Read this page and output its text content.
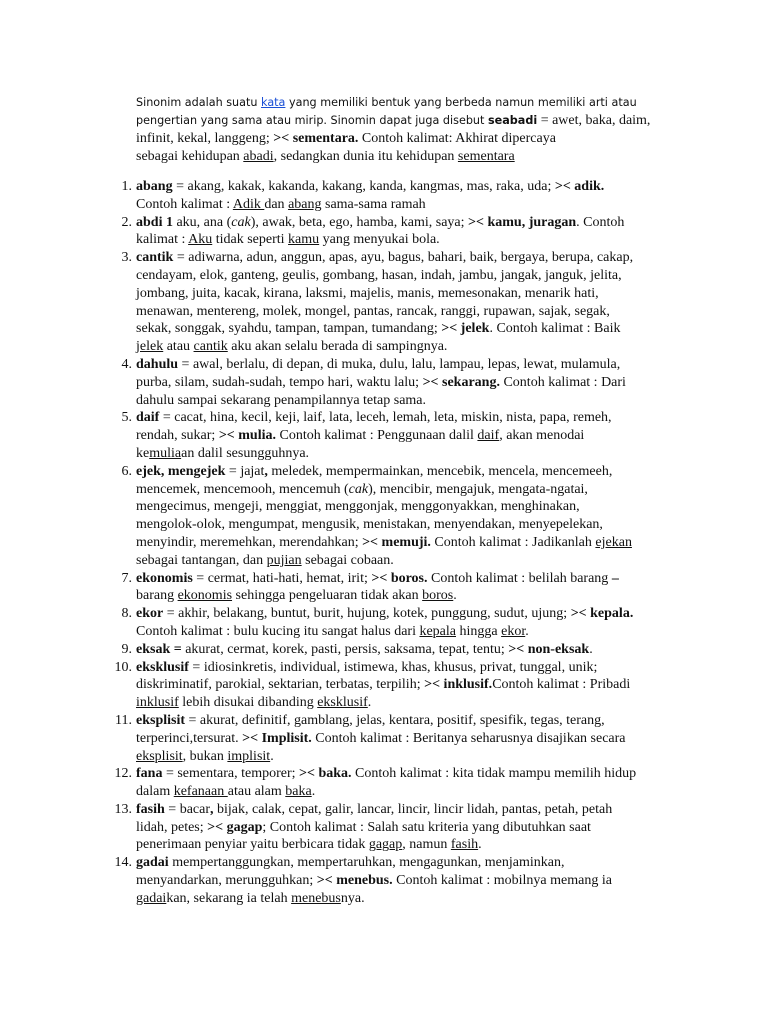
Sinonim adalah suatu kata yang memiliki bentuk yang berbeda namun memiliki arti atau

pengertian yang sama atau mirip. Sinomin dapat juga disebut seabadi = awet, baka, daim,

infinit, kekal, langgeng; >< sementara. Contoh kalimat: Akhirat dipercaya

sebagai kehidupan abadi, sedangkan dunia itu kehidupan sementara

1. abang = akang, kakak, kakanda, kakang, kanda, kangmas, mas, raka, uda; >< adik.
Contoh kalimat : Adik dan abang sama-sama ramah
2. abdi 1 aku, ana (cak), awak, beta, ego, hamba, kami, saya; >< kamu, juragan. Contoh
kalimat : Aku tidak seperti kamu yang menyukai bola.
3. cantik = adiwarna, adun, anggun, apas, ayu, bagus, bahari, baik, bergaya, berupa, cakap,
cendayam, elok, ganteng, geulis, gombang, hasan, indah, jambu, jangak, janguk, jelita,
jombang, juita, kacak, kirana, laksmi, majelis, manis, memesonakan, menarik hati,
menawan, mentereng, molek, mongel, pantas, rancak, ranggi, rupawan, sajak, segak,
sekak, songgak, syahdu, tampan, tampan, tumandang; >< jelek. Contoh kalimat : Baik
jelek atau cantik aku akan selalu berada di sampingnya.
4. dahulu = awal, berlalu, di depan, di muka, dulu, lalu, lampau, lepas, lewat, mulamula,
purba, silam, sudah-sudah, tempo hari, waktu lalu; >< sekarang. Contoh kalimat : Dari
dahulu sampai sekarang penampilannya tetap sama.
5. daif = cacat, hina, kecil, keji, laif, lata, leceh, lemah, leta, miskin, nista, papa, remeh,
rendah, sukar; >< mulia. Contoh kalimat : Penggunaan dalil daif, akan menodai
kemuliaan dalil sesungguhnya.
6. ejek, mengejek = jajat, meledek, mempermainkan, mencebik, mencela, mencemeeh,
mencemek, mencemooh, mencemuh (cak), mencibir, mengajuk, mengata-ngatai,
mengecimus, mengeji, menggiat, menggonjak, menggonyakkan, menghinakan,
mengolok-olok, mengumpat, mengusik, menistakan, menyendakan, menyepelekan,
menyindir, meremehkan, merendahkan; >< memuji. Contoh kalimat : Jadikanlah ejekan
sebagai tantangan, dan pujian sebagai cobaan.
7. ekonomis = cermat, hati-hati, hemat, irit; >< boros. Contoh kalimat : belilah barang –
barang ekonomis sehingga pengeluaran tidak akan boros.
8. ekor = akhir, belakang, buntut, burit, hujung, kotek, punggung, sudut, ujung; >< kepala.
Contoh kalimat : bulu kucing itu sangat halus dari kepala hingga ekor.
9. eksak = akurat, cermat, korek, pasti, persis, saksama, tepat, tentu; >< non-eksak.
10. eksklusif = idiosinkretis, individual, istimewa, khas, khusus, privat, tunggal, unik;
diskriminatif, parokial, sektarian, terbatas, terpilih; >< inklusif.Contoh kalimat : Pribadi
inklusif lebih disukai dibanding eksklusif.
11. eksplisit = akurat, definitif, gamblang, jelas, kentara, positif, spesifik, tegas, terang,
terperinci,tersurat. >< Implisit. Contoh kalimat : Beritanya seharusnya disajikan secara
eksplisit, bukan implisit.
12. fana = sementara, temporer; >< baka. Contoh kalimat : kita tidak mampu memilih hidup
dalam kefanaan atau alam baka.
13. fasih = bacar, bijak, calak, cepat, galir, lancar, lincir, lincir lidah, pantas, petah, petah
lidah, petes; >< gagap; Contoh kalimat : Salah satu kriteria yang dibutuhkan saat
penerimaan penyiar yaitu berbicara tidak gagap, namun fasih.
14. gadai mempertanggungkan, mempertaruhkan, mengagunkan, menjaminkan,
menyandarkan, merungguhkan; >< menebus. Contoh kalimat : mobilnya memang ia
gadaikan, sekarang ia telah menebusnya.
